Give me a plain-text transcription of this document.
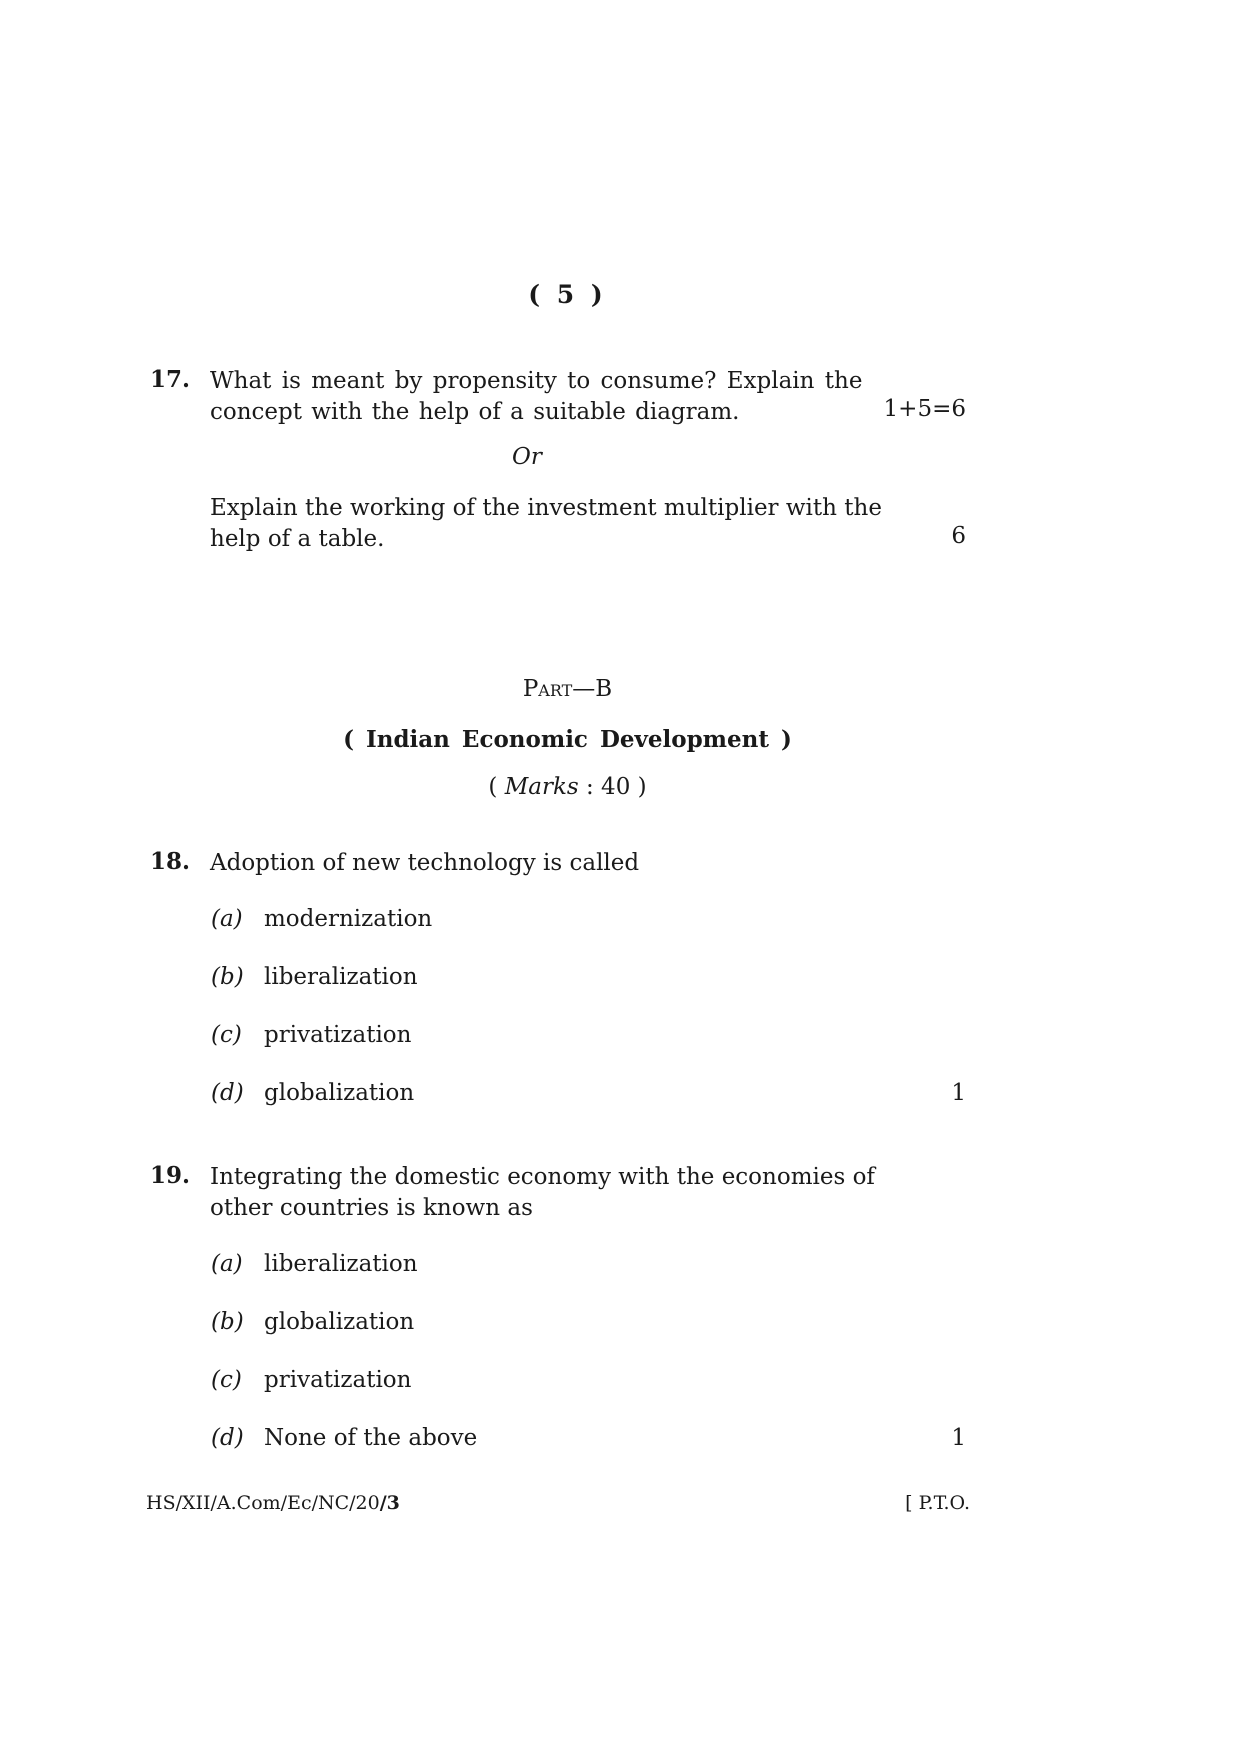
( 5 )
17. What is meant by propensity to consume? Explain the
concept with the help of a suitable diagram.	1+5=6
Or
Explain the working of the investment multiplier with the
help of a table.	6
Part—B
( Indian Economic Development )
( Marks : 40 )
18. Adoption of new technology is called
(a) modernization
(b) liberalization
(c) privatization
(d) globalization	1
19. Integrating the domestic economy with the economies of
other countries is known as
(a) liberalization
(b) globalization
(c) privatization
(d) None of the above	1
HS/XII/A.Com/Ec/NC/20/3	[ P.T.O.
